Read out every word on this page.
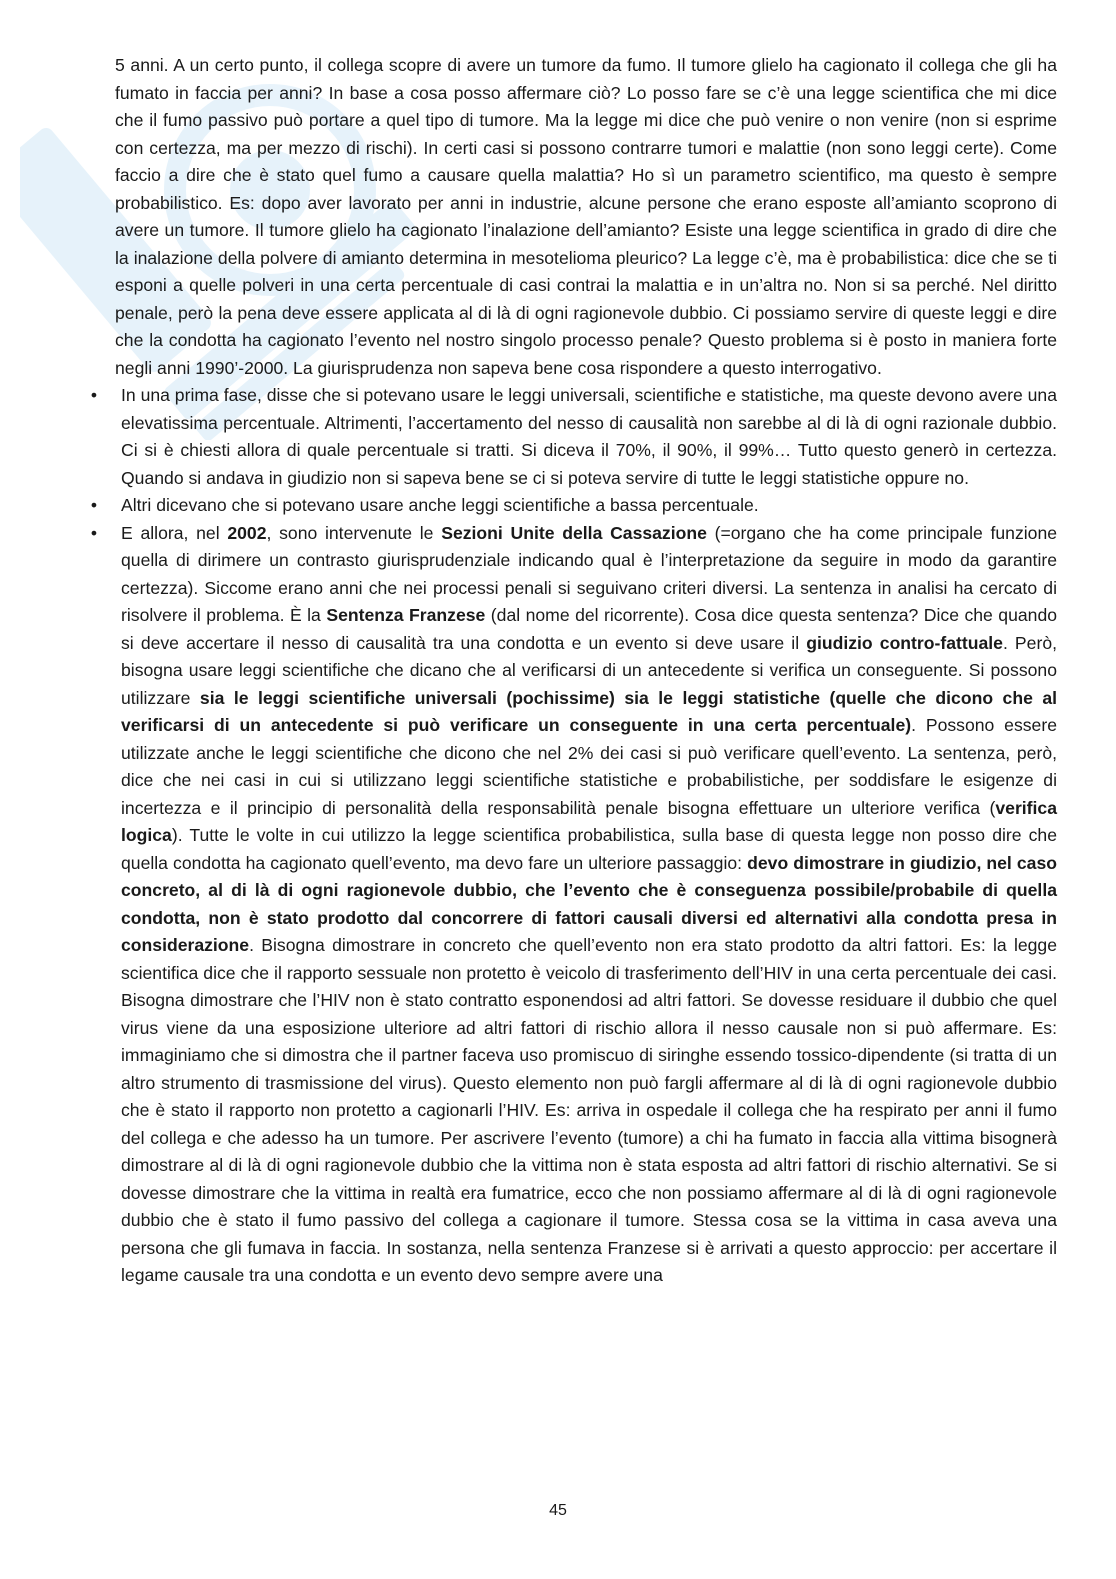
5 anni. A un certo punto, il collega scopre di avere un tumore da fumo. Il tumore glielo ha cagionato il collega che gli ha fumato in faccia per anni? In base a cosa posso affermare ciò? Lo posso fare se c’è una legge scientifica che mi dice che il fumo passivo può portare a quel tipo di tumore. Ma la legge mi dice che può venire o non venire (non si esprime con certezza, ma per mezzo di rischi). In certi casi si possono contrarre tumori e malattie (non sono leggi certe). Come faccio a dire che è stato quel fumo a causare quella malattia? Ho sì un parametro scientifico, ma questo è sempre probabilistico. Es: dopo aver lavorato per anni in industrie, alcune persone che erano esposte all’amianto scoprono di avere un tumore. Il tumore glielo ha cagionato l’inalazione dell’amianto? Esiste una legge scientifica in grado di dire che la inalazione della polvere di amianto determina in mesotelioma pleurico? La legge c’è, ma è probabilistica: dice che se ti esponi a quelle polveri in una certa percentuale di casi contrai la malattia e in un’altra no. Non si sa perché. Nel diritto penale, però la pena deve essere applicata al di là di ogni ragionevole dubbio. Ci possiamo servire di queste leggi e dire che la condotta ha cagionato l’evento nel nostro singolo processo penale? Questo problema si è posto in maniera forte negli anni 1990’-2000. La giurisprudenza non sapeva bene cosa rispondere a questo interrogativo.

• In una prima fase, disse che si potevano usare le leggi universali, scientifiche e statistiche, ma queste devono avere una elevatissima percentuale. Altrimenti, l’accertamento del nesso di causalità non sarebbe al di là di ogni razionale dubbio. Ci si è chiesti allora di quale percentuale si tratti. Si diceva il 70%, il 90%, il 99%… Tutto questo generò in certezza. Quando si andava in giudizio non si sapeva bene se ci si poteva servire di tutte le leggi statistiche oppure no.
• Altri dicevano che si potevano usare anche leggi scientifiche a bassa percentuale.
• E allora, nel 2002, sono intervenute le Sezioni Unite della Cassazione (=organo che ha come principale funzione quella di dirimere un contrasto giurisprudenziale indicando qual è l’interpretazione da seguire in modo da garantire certezza). Siccome erano anni che nei processi penali si seguivano criteri diversi. La sentenza in analisi ha cercato di risolvere il problema. È la Sentenza Franzese (dal nome del ricorrente). Cosa dice questa sentenza? Dice che quando si deve accertare il nesso di causalità tra una condotta e un evento si deve usare il giudizio contro-fattuale. Però, bisogna usare leggi scientifiche che dicano che al verificarsi di un antecedente si verifica un conseguente. Si possono utilizzare sia le leggi scientifiche universali (pochissime) sia le leggi statistiche (quelle che dicono che al verificarsi di un antecedente si può verificare un conseguente in una certa percentuale). Possono essere utilizzate anche le leggi scientifiche che dicono che nel 2% dei casi si può verificare quell’evento. La sentenza, però, dice che nei casi in cui si utilizzano leggi scientifiche statistiche e probabilistiche, per soddisfare le esigenze di incertezza e il principio di personalità della responsabilità penale bisogna effettuare un ulteriore verifica (verifica logica). Tutte le volte in cui utilizzo la legge scientifica probabilistica, sulla base di questa legge non posso dire che quella condotta ha cagionato quell’evento, ma devo fare un ulteriore passaggio: devo dimostrare in giudizio, nel caso concreto, al di là di ogni ragionevole dubbio, che l’evento che è conseguenza possibile/probabile di quella condotta, non è stato prodotto dal concorrere di fattori causali diversi ed alternativi alla condotta presa in considerazione. Bisogna dimostrare in concreto che quell’evento non era stato prodotto da altri fattori. Es: la legge scientifica dice che il rapporto sessuale non protetto è veicolo di trasferimento dell’HIV in una certa percentuale dei casi. Bisogna dimostrare che l’HIV non è stato contratto esponendosi ad altri fattori. Se dovesse residuare il dubbio che quel virus viene da una esposizione ulteriore ad altri fattori di rischio allora il nesso causale non si può affermare. Es: immaginiamo che si dimostra che il partner faceva uso promiscuo di siringhe essendo tossico-dipendente (si tratta di un altro strumento di trasmissione del virus). Questo elemento non può fargli affermare al di là di ogni ragionevole dubbio che è stato il rapporto non protetto a cagionarli l’HIV. Es: arriva in ospedale il collega che ha respirato per anni il fumo del collega e che adesso ha un tumore. Per ascrivere l’evento (tumore) a chi ha fumato in faccia alla vittima bisognerà dimostrare al di là di ogni ragionevole dubbio che la vittima non è stata esposta ad altri fattori di rischio alternativi. Se si dovesse dimostrare che la vittima in realtà era fumatrice, ecco che non possiamo affermare al di là di ogni ragionevole dubbio che è stato il fumo passivo del collega a cagionare il tumore. Stessa cosa se la vittima in casa aveva una persona che gli fumava in faccia. In sostanza, nella sentenza Franzese si è arrivati a questo approccio: per accertare il legame causale tra una condotta e un evento devo sempre avere una
45
